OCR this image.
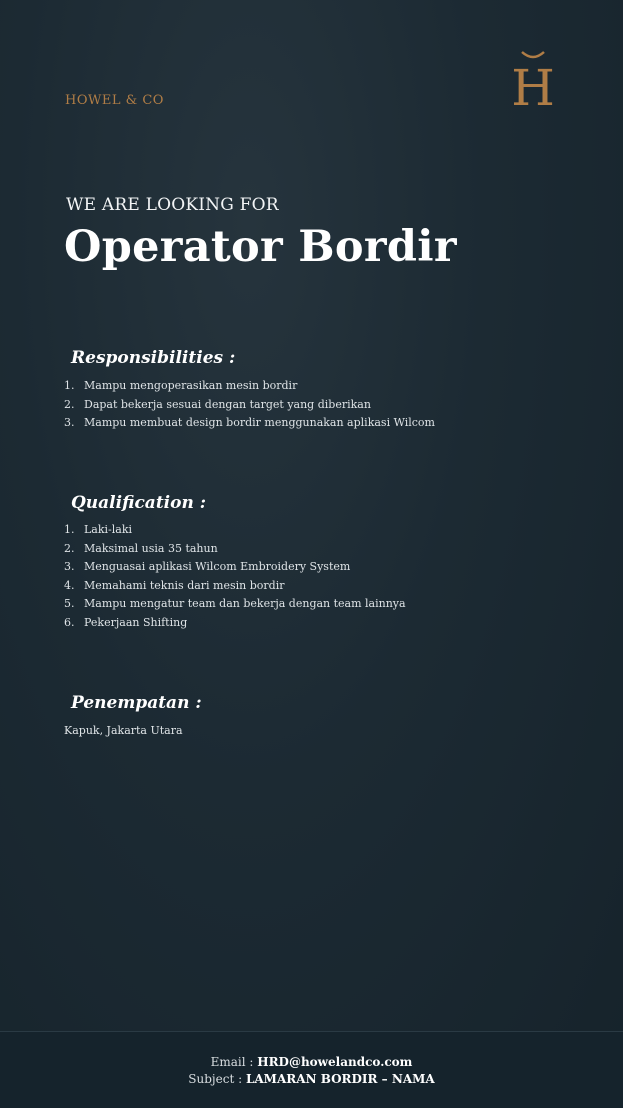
HOWEL & CO	H
WE ARE LOOKING FOR
Operator Bordir
Responsibilities :
1. Mampu mengoperasikan mesin bordir
2. Dapat bekerja sesuai dengan target yang diberikan
3. Mampu membuat design bordir menggunakan aplikasi Wilcom
Qualification :
1. Laki-laki
2. Maksimal usia 35 tahun
3. Menguasai aplikasi Wilcom Embroidery System
4. Memahami teknis dari mesin bordir
5. Mampu mengatur team dan bekerja dengan team lainnya
6. Pekerjaan Shifting
Penempatan :
Kapuk, Jakarta Utara
Email : HRD@howelandco.com
Subject : LAMARAN BORDIR – NAMA
